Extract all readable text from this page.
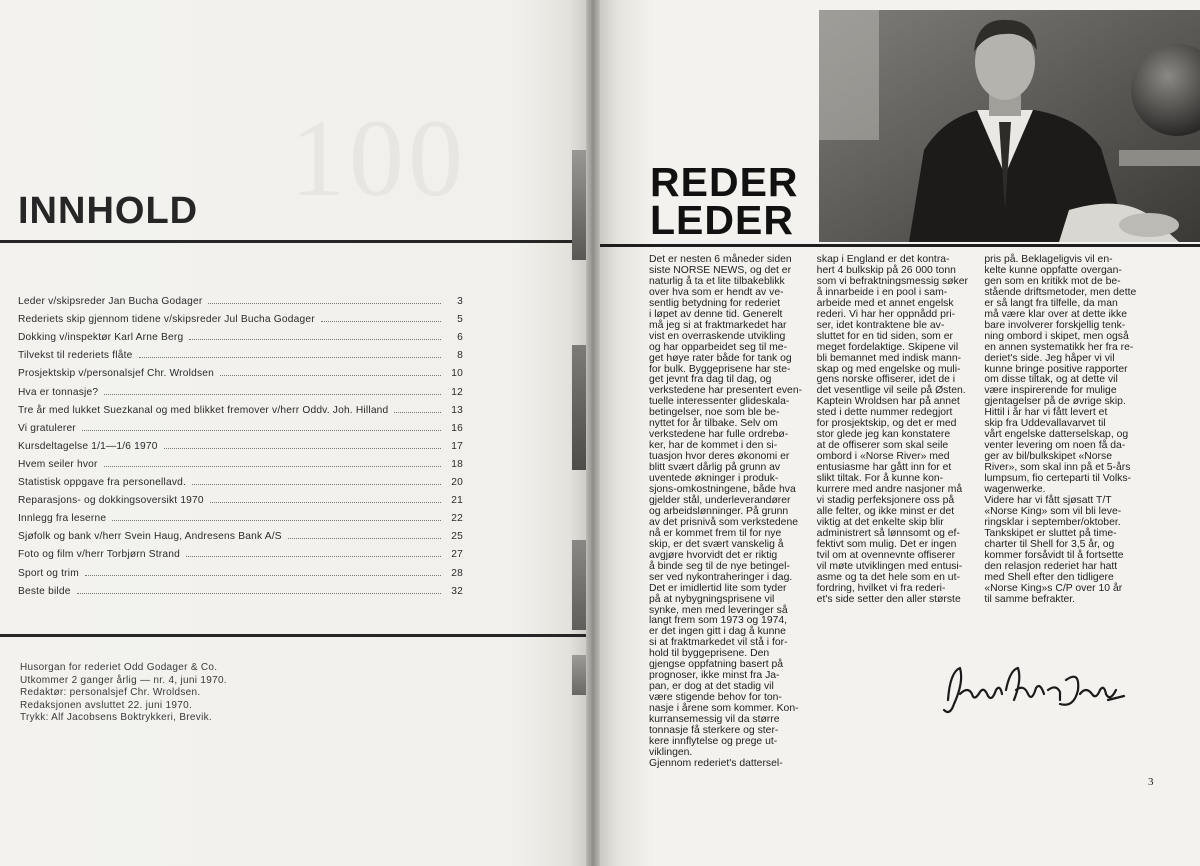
100
INNHOLD
Leder v/skipsreder Jan Bucha Godager	3
Rederiets skip gjennom tidene v/skipsreder Jul Bucha Godager	5
Dokking v/inspektør Karl Arne Berg	6
Tilvekst til rederiets flåte	8
Prosjektskip v/personalsjef Chr. Wroldsen	10
Hva er tonnasje?	12
Tre år med lukket Suezkanal og med blikket fremover v/herr Oddv. Joh. Hilland	13
Vi gratulerer	16
Kursdeltagelse 1/1—1/6 1970	17
Hvem seiler hvor	18
Statistisk oppgave fra personellavd.	20
Reparasjons- og dokkingsoversikt 1970	21
Innlegg fra leserne	22
Sjøfolk og bank v/herr Svein Haug, Andresens Bank A/S	25
Foto og film v/herr Torbjørn Strand	27
Sport og trim	28
Beste bilde	32
Husorgan for rederiet Odd Godager & Co.
Utkommer 2 ganger årlig — nr. 4, juni 1970.
Redaktør: personalsjef Chr. Wroldsen.
Redaksjonen avsluttet 22. juni 1970.
Trykk: Alf Jacobsens Boktrykkeri, Brevik.
REDER
LEDER
Det er nesten 6 måneder siden
siste NORSE NEWS, og det er
naturlig å ta et lite tilbakeblikk
over hva som er hendt av ve-
sentlig betydning for rederiet
i løpet av denne tid. Generelt
må jeg si at fraktmarkedet har
vist en overraskende utvikling
og har opparbeidet seg til me-
get høye rater både for tank og
for bulk. Byggeprisene har ste-
get jevnt fra dag til dag, og
verkstedene har presentert even-
tuelle interessenter glideskala-
betingelser, noe som ble be-
nyttet for år tilbake. Selv om
verkstedene har fulle ordrebø-
ker, har de kommet i den si-
tuasjon hvor deres økonomi er
blitt svært dårlig på grunn av
uventede økninger i produk-
sjons-omkostningene, både hva
gjelder stål, underleverandører
og arbeidslønninger. På grunn
av det prisnivå som verkstedene
nå er kommet frem til for nye
skip, er det svært vanskelig å
avgjøre hvorvidt det er riktig
å binde seg til de nye betingel-
ser ved nykontraheringer i dag.
Det er imidlertid lite som tyder
på at nybygningsprisene vil
synke, men med leveringer så
langt frem som 1973 og 1974,
er det ingen gitt i dag å kunne
si at fraktmarkedet vil stå i for-
hold til byggeprisene. Den
gjengse oppfatning basert på
prognoser, ikke minst fra Ja-
pan, er dog at det stadig vil
være stigende behov for ton-
nasje i årene som kommer. Kon-
kurransemessig vil da større
tonnasje få sterkere og ster-
kere innflytelse og prege ut-
viklingen.
Gjennom rederiet's dattersel-
skap i England er det kontra-
hert 4 bulkskip på 26 000 tonn
som vi befraktningsmessig søker
å innarbeide i en pool i sam-
arbeide med et annet engelsk
rederi. Vi har her oppnådd pri-
ser, idet kontraktene ble av-
sluttet for en tid siden, som er
meget fordelaktige. Skipene vil
bli bemannet med indisk mann-
skap og med engelske og muli-
gens norske offiserer, idet de i
det vesentlige vil seile på Østen.
Kaptein Wroldsen har på annet
sted i dette nummer redegjort
for prosjektskip, og det er med
stor glede jeg kan konstatere
at de offiserer som skal seile
ombord i «Norse River» med
entusiasme har gått inn for et
slikt tiltak. For å kunne kon-
kurrere med andre nasjoner må
vi stadig perfeksjonere oss på
alle felter, og ikke minst er det
viktig at det enkelte skip blir
administrert så lønnsomt og ef-
fektivt som mulig. Det er ingen
tvil om at ovennevnte offiserer
vil møte utviklingen med entusi-
asme og ta det hele som en ut-
fordring, hvilket vi fra rederi-
et's side setter den aller største
pris på. Beklageligvis vil en-
kelte kunne oppfatte overgan-
gen som en kritikk mot de be-
stående driftsmetoder, men dette
er så langt fra tilfelle, da man
må være klar over at dette ikke
bare involverer forskjellig tenk-
ning ombord i skipet, men også
en annen systematikk her fra re-
deriet's side. Jeg håper vi vil
kunne bringe positive rapporter
om disse tiltak, og at dette vil
være inspirerende for mulige
gjentagelser på de øvrige skip.
Hittil i år har vi fått levert et
skip fra Uddevallavarvet til
vårt engelske datterselskap, og
venter levering om noen få da-
ger av bil/bulkskipet «Norse
River», som skal inn på et 5-års
lumpsum, fio certeparti til Volks-
wagenwerke.
Videre har vi fått sjøsatt T/T
«Norse King» som vil bli leve-
ringsklar i september/oktober.
Tankskipet er sluttet på time-
charter til Shell for 3,5 år, og
kommer forsåvidt til å fortsette
den relasjon rederiet har hatt
med Shell efter den tidligere
«Norse King»s C/P over 10 år
til samme befrakter.
3
